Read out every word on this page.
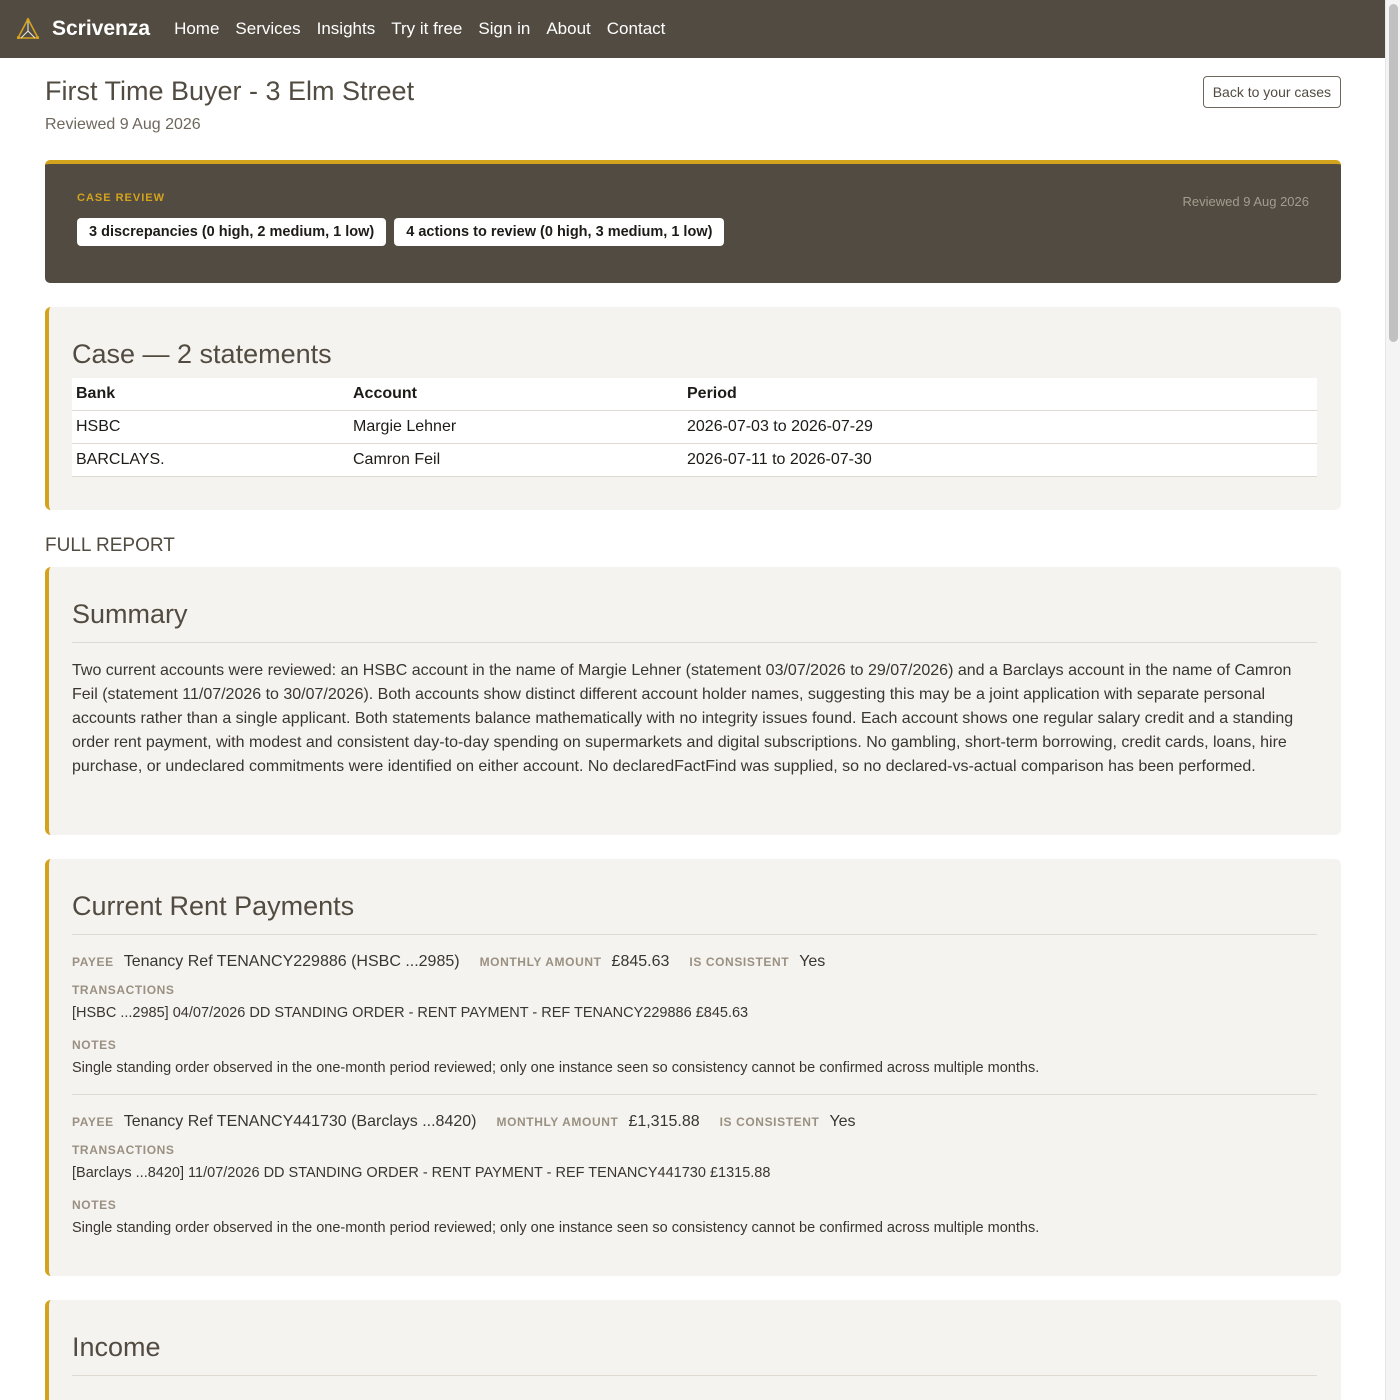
Scrivenza Home Services Insights Try it free Sign in About Contact
First Time Buyer - 3 Elm Street
Reviewed 9 Aug 2026
Back to your cases
CASE REVIEW	Reviewed 9 Aug 2026
3 discrepancies (0 high, 2 medium, 1 low)	4 actions to review (0 high, 3 medium, 1 low)
Case — 2 statements
Bank	Account	Period
HSBC	Margie Lehner	2026-07-03 to 2026-07-29
BARCLAYS.	Camron Feil	2026-07-11 to 2026-07-30
FULL REPORT
Summary

Two current accounts were reviewed: an HSBC account in the name of Margie Lehner (statement 03/07/2026 to 29/07/2026) and a Barclays account in the name of Camron Feil (statement 11/07/2026 to 30/07/2026). Both accounts show distinct different account holder names, suggesting this may be a joint application with separate personal accounts rather than a single applicant. Both statements balance mathematically with no integrity issues found. Each account shows one regular salary credit and a standing order rent payment, with modest and consistent day-to-day spending on supermarkets and digital subscriptions. No gambling, short-term borrowing, credit cards, loans, hire purchase, or undeclared commitments were identified on either account. No declaredFactFind was supplied, so no declared-vs-actual comparison has been performed.

Current Rent Payments
PAYEE Tenancy Ref TENANCY229886 (HSBC ...2985) MONTHLY AMOUNT £845.63 IS CONSISTENT Yes
TRANSACTIONS
[HSBC ...2985] 04/07/2026 DD STANDING ORDER - RENT PAYMENT - REF TENANCY229886 £845.63
NOTES
Single standing order observed in the one-month period reviewed; only one instance seen so consistency cannot be confirmed across multiple months.
PAYEE Tenancy Ref TENANCY441730 (Barclays ...8420) MONTHLY AMOUNT £1,315.88 IS CONSISTENT Yes
TRANSACTIONS
[Barclays ...8420] 11/07/2026 DD STANDING ORDER - RENT PAYMENT - REF TENANCY441730 £1315.88
NOTES
Single standing order observed in the one-month period reviewed; only one instance seen so consistency cannot be confirmed across multiple months.
Income
